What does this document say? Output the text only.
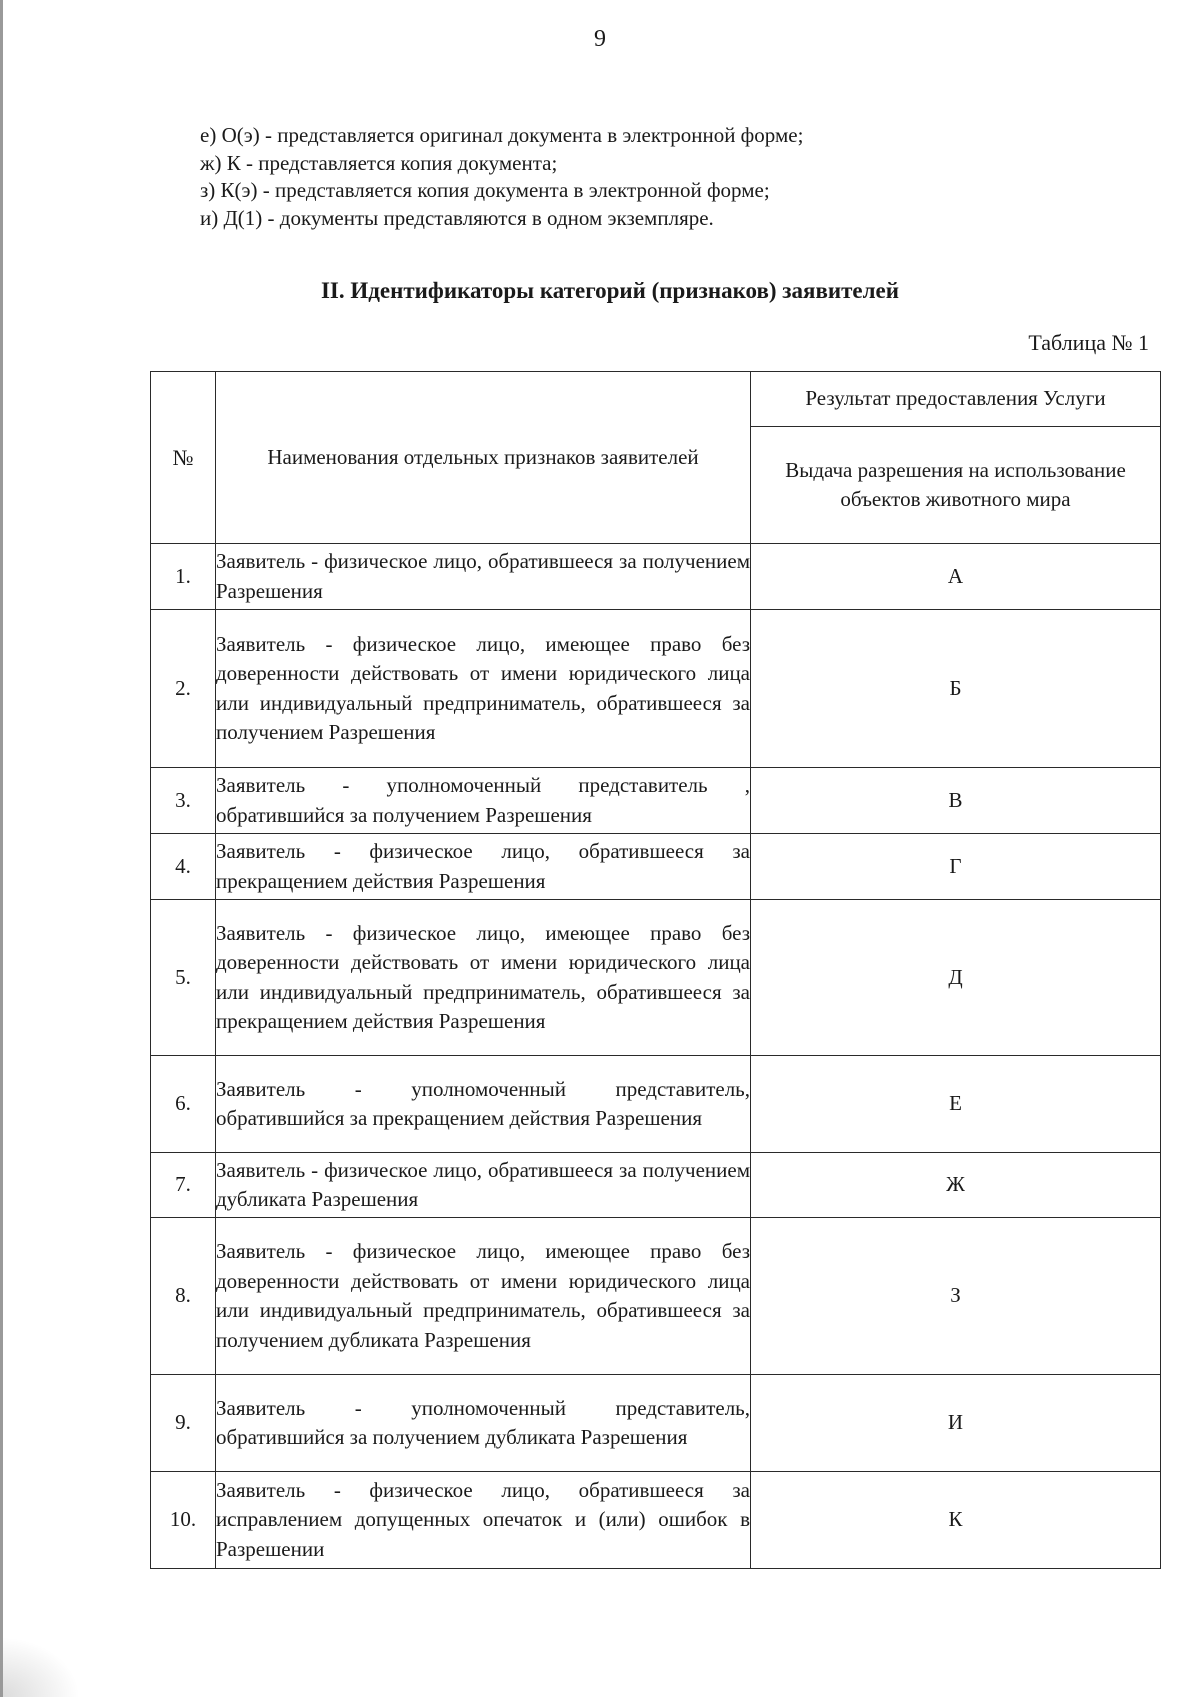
9
е) О(э) - представляется оригинал документа в электронной форме;
ж) К - представляется копия документа;
з) К(э) - представляется копия документа в электронной форме;
и) Д(1) - документы представляются в одном экземпляре.
II. Идентификаторы категорий (признаков) заявителей
Таблица № 1
№	Наименования отдельных признаков заявителей	Результат предоставления Услуги
		Выдача разрешения на использование объектов животного мира
1.	Заявитель - физическое лицо, обратившееся за получением Разрешения	А
2.	Заявитель - физическое лицо, имеющее право без доверенности действовать от имени юридического лица или индивидуальный предприниматель, обратившееся за получением Разрешения	Б
3.	Заявитель - уполномоченный представитель , обратившийся за получением Разрешения	В
4.	Заявитель - физическое лицо, обратившееся за прекращением действия Разрешения	Г
5.	Заявитель - физическое лицо, имеющее право без доверенности действовать от имени юридического лица или индивидуальный предприниматель, обратившееся за прекращением действия Разрешения	Д
6.	Заявитель - уполномоченный представитель, обратившийся за прекращением действия Разрешения	Е
7.	Заявитель - физическое лицо, обратившееся за получением дубликата Разрешения	Ж
8.	Заявитель - физическое лицо, имеющее право без доверенности действовать от имени юридического лица или индивидуальный предприниматель, обратившееся за получением дубликата Разрешения	З
9.	Заявитель - уполномоченный представитель, обратившийся за получением дубликата Разрешения	И
10.	Заявитель - физическое лицо, обратившееся за исправлением допущенных опечаток и (или) ошибок в Разрешении	К
